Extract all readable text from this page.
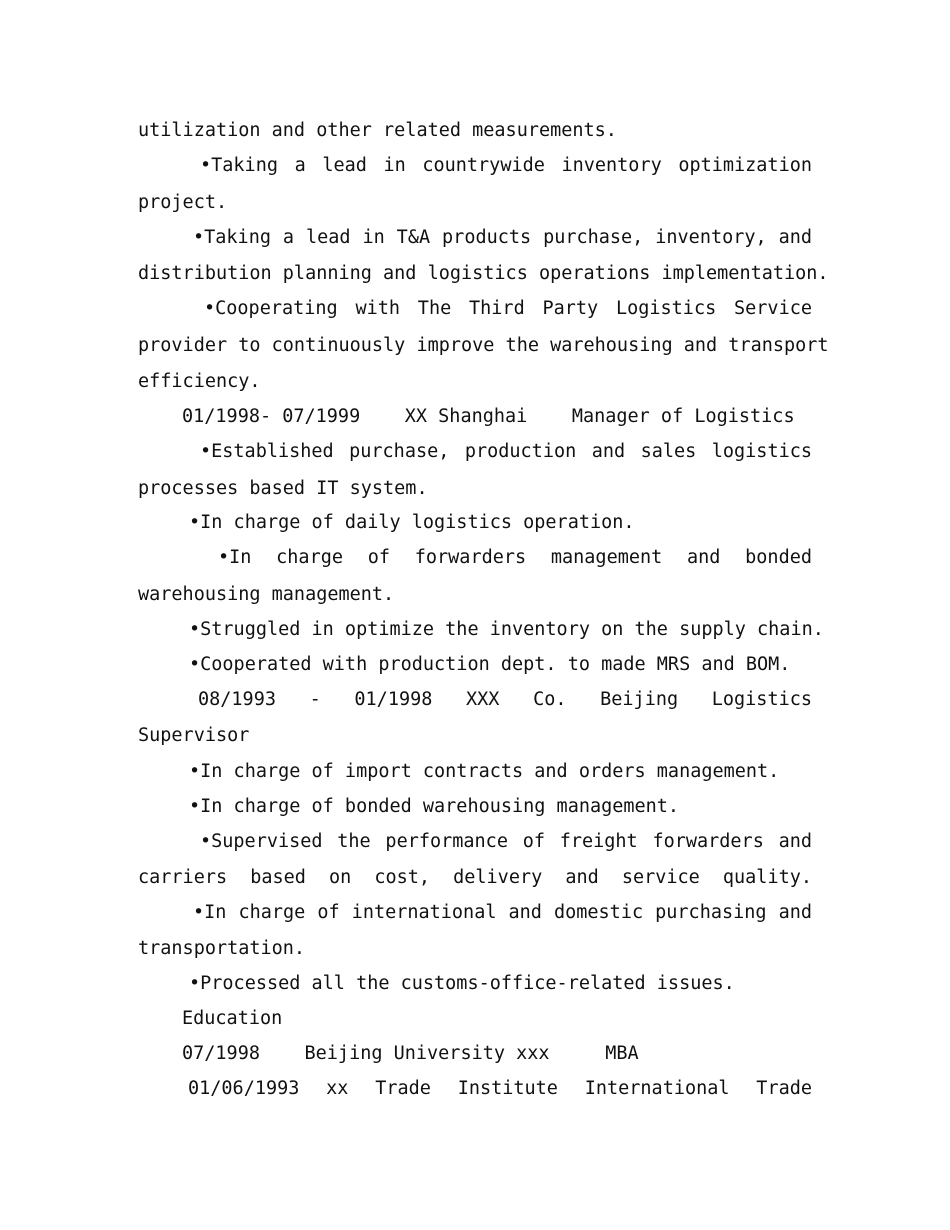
utilization and other related measurements.
•Taking a lead in countrywide inventory optimization
project.
•Taking a lead in T&A products purchase, inventory, and
distribution planning and logistics operations implementation.
•Cooperating with The Third Party Logistics Service
provider to continuously improve the warehousing and transport
efficiency.
01/1998- 07/1999    XX Shanghai    Manager of Logistics
•Established purchase, production and sales logistics
processes based IT system.
•In charge of daily logistics operation.
•In charge of forwarders management and bonded
warehousing management.
•Struggled in optimize the inventory on the supply chain.
•Cooperated with production dept. to made MRS and BOM.
08/1993 - 01/1998 XXX Co. Beijing Logistics
Supervisor
•In charge of import contracts and orders management.
•In charge of bonded warehousing management.
•Supervised the performance of freight forwarders and
carriers based on cost, delivery and service quality.
•In charge of international and domestic purchasing and
transportation.
•Processed all the customs-office-related issues.
Education
07/1998    Beijing University xxx     MBA
01/06/1993 xx Trade Institute International Trade
